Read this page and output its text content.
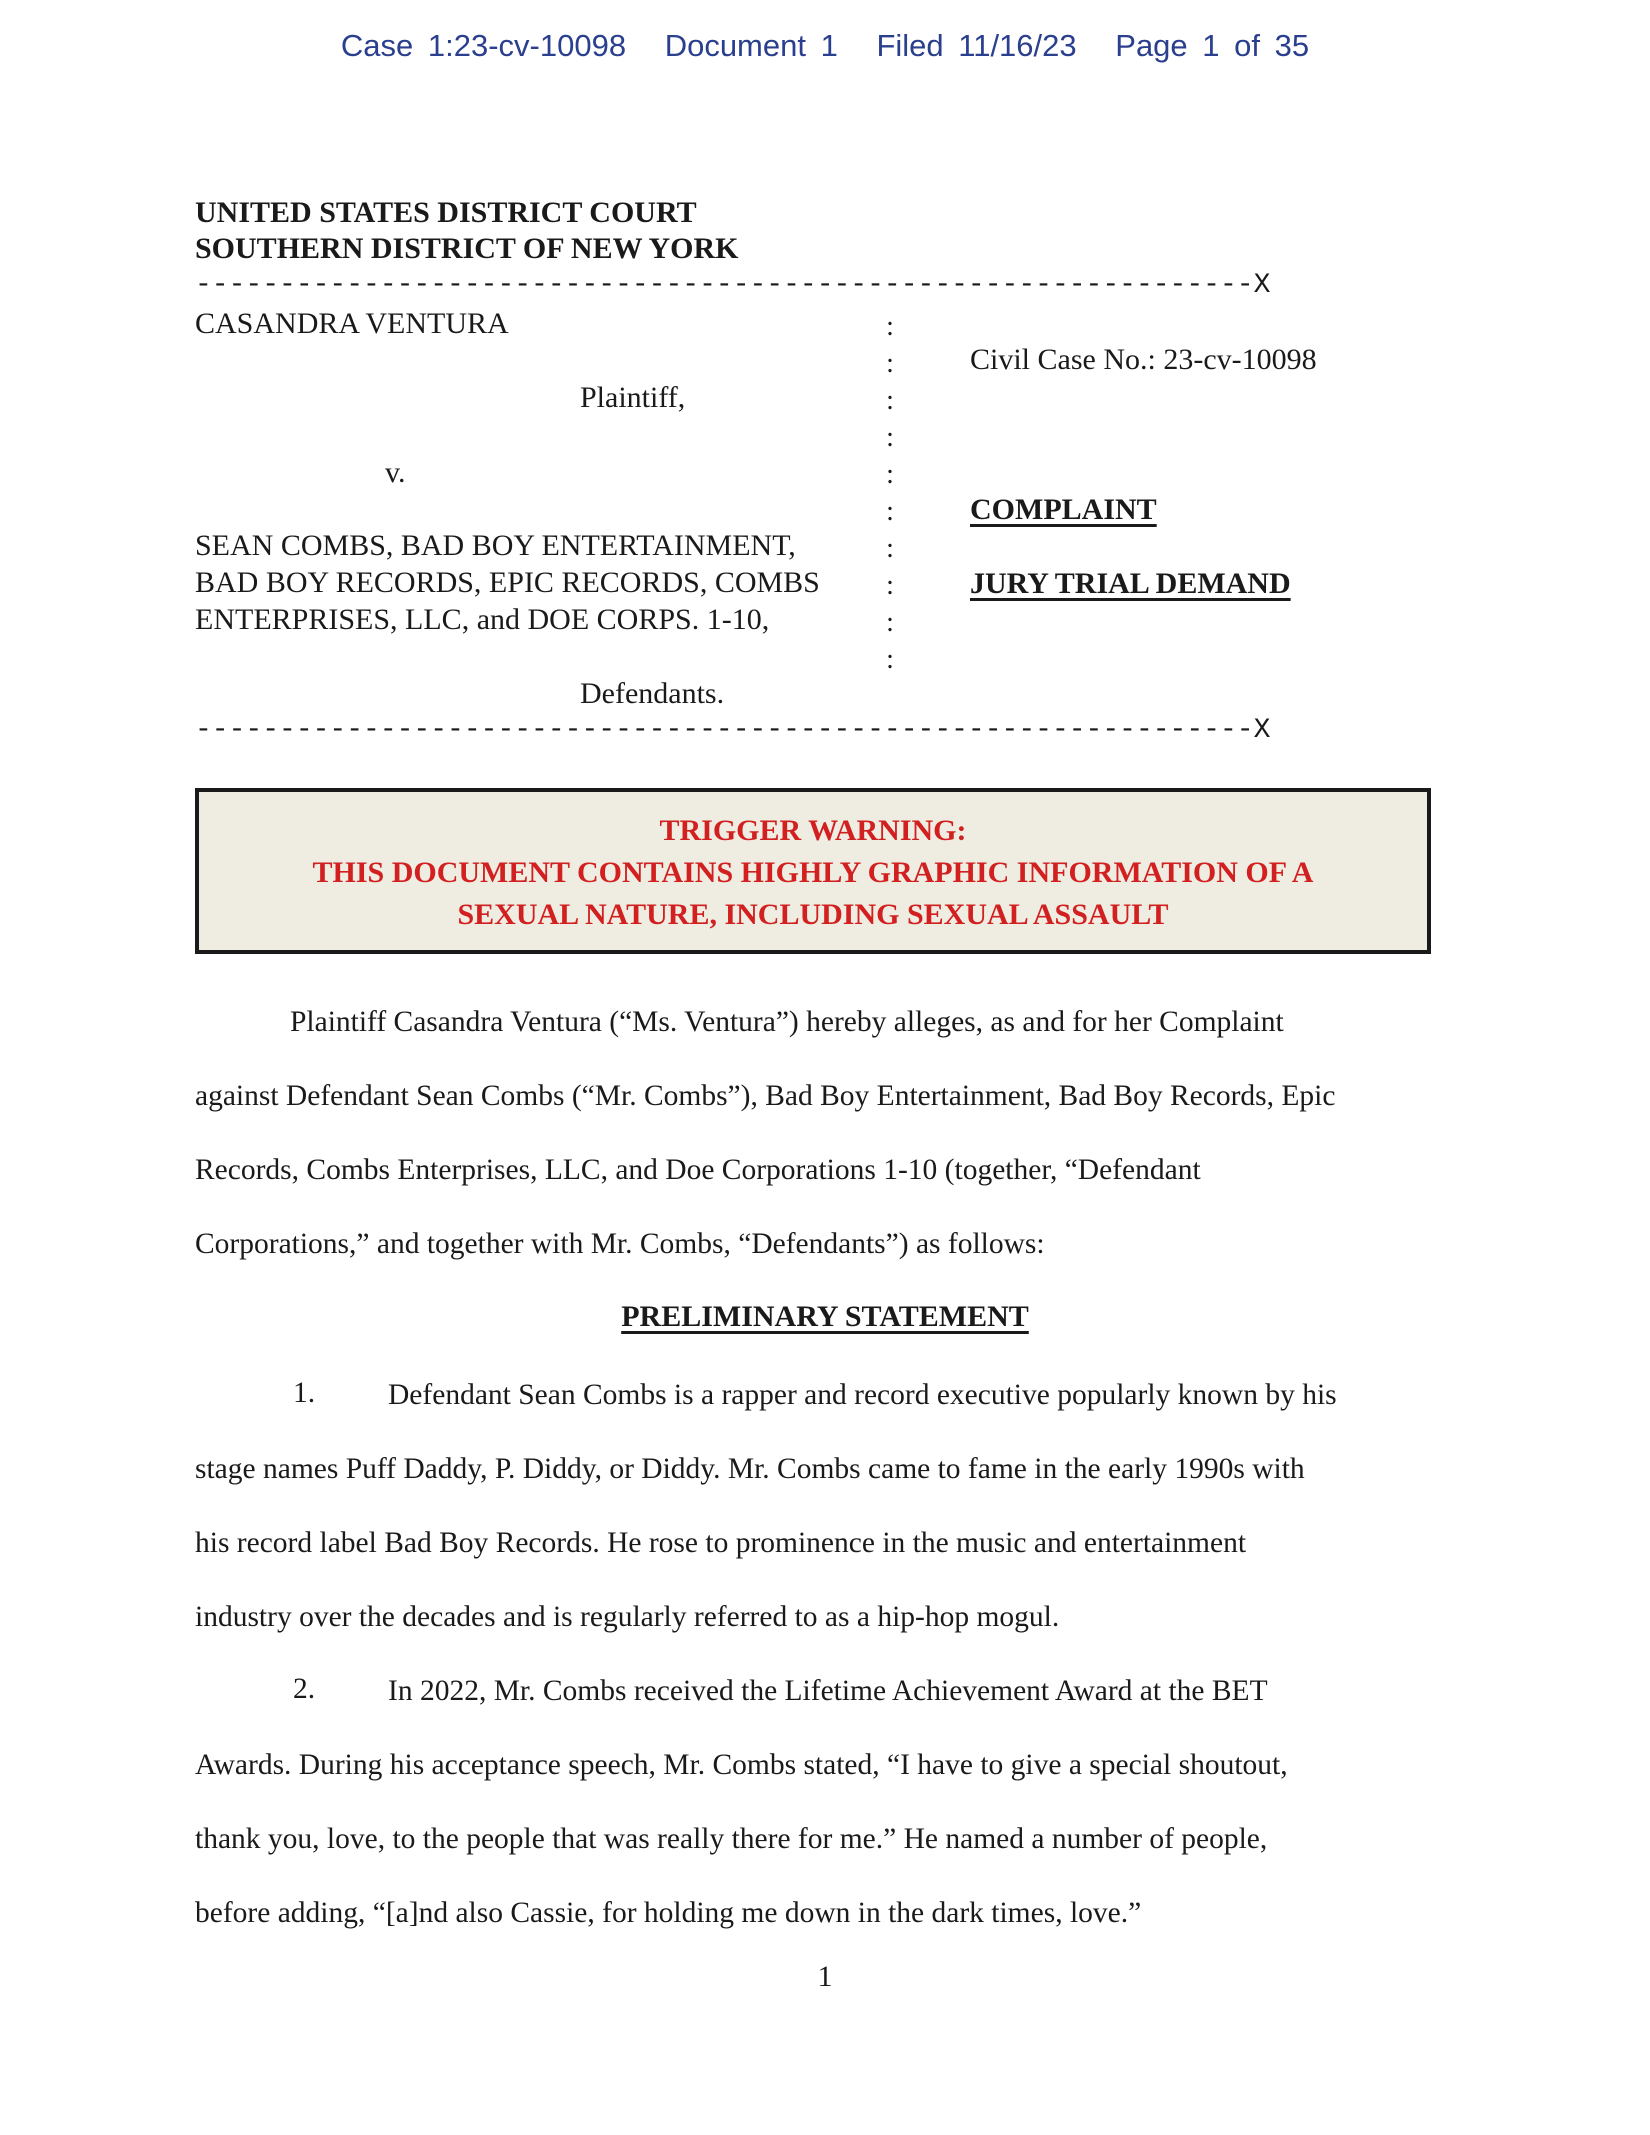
Case 1:23-cv-10098 Document 1 Filed 11/16/23 Page 1 of 35
UNITED STATES DISTRICT COURT
SOUTHERN DISTRICT OF NEW YORK
---------------------------------------------------------------X
CASANDRA VENTURA
Plaintiff,
v.
SEAN COMBS, BAD BOY ENTERTAINMENT,
BAD BOY RECORDS, EPIC RECORDS, COMBS
ENTERPRISES, LLC, and DOE CORPS. 1-10,
Defendants.
:
:
:
:
:
:
:
:
:
:
---------------------------------------------------------------X
Civil Case No.: 23-cv-10098
COMPLAINT
JURY TRIAL DEMAND
TRIGGER WARNING:
THIS DOCUMENT CONTAINS HIGHLY GRAPHIC INFORMATION OF A
SEXUAL NATURE, INCLUDING SEXUAL ASSAULT
Plaintiff Casandra Ventura (“Ms. Ventura”) hereby alleges, as and for her Complaint
against Defendant Sean Combs (“Mr. Combs”), Bad Boy Entertainment, Bad Boy Records, Epic
Records, Combs Enterprises, LLC, and Doe Corporations 1-10 (together, “Defendant
Corporations,” and together with Mr. Combs, “Defendants”) as follows:
PRELIMINARY STATEMENT
1. Defendant Sean Combs is a rapper and record executive popularly known by his
stage names Puff Daddy, P. Diddy, or Diddy. Mr. Combs came to fame in the early 1990s with
his record label Bad Boy Records. He rose to prominence in the music and entertainment
industry over the decades and is regularly referred to as a hip-hop mogul.
2. In 2022, Mr. Combs received the Lifetime Achievement Award at the BET
Awards. During his acceptance speech, Mr. Combs stated, “I have to give a special shoutout,
thank you, love, to the people that was really there for me.” He named a number of people,
before adding, “[a]nd also Cassie, for holding me down in the dark times, love.”
1
